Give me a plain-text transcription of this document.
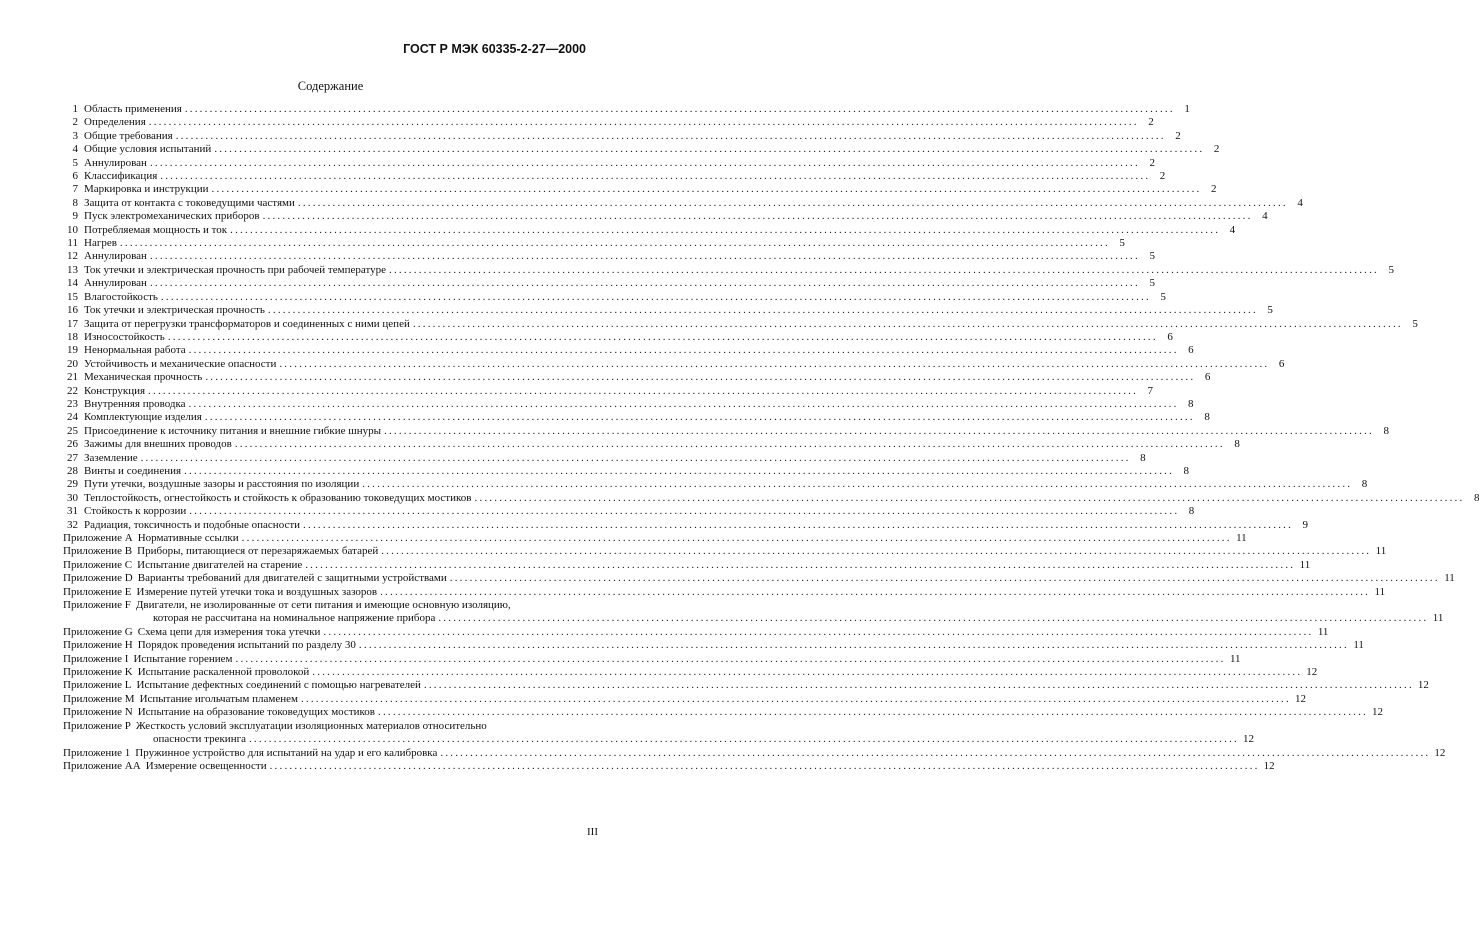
ГОСТ Р МЭК 60335-2-27—2000
Содержание
1 Область применения ........................................................................................................................................................................................................ 1
2 Определения ........................................................................................................................................................................................................ 2
3 Общие требования ........................................................................................................................................................................................................ 2
4 Общие условия испытаний ........................................................................................................................................................................................................ 2
5 Аннулирован ........................................................................................................................................................................................................ 2
6 Классификация ........................................................................................................................................................................................................ 2
7 Маркировка и инструкции ........................................................................................................................................................................................................ 2
8 Защита от контакта с токоведущими частями ........................................................................................................................................................................................................ 4
9 Пуск электромеханических приборов ........................................................................................................................................................................................................ 4
10 Потребляемая мощность и ток ........................................................................................................................................................................................................ 4
11 Нагрев ........................................................................................................................................................................................................ 5
12 Аннулирован ........................................................................................................................................................................................................ 5
13 Ток утечки и электрическая прочность при рабочей температуре ........................................................................................................................................................................................................ 5
14 Аннулирован ........................................................................................................................................................................................................ 5
15 Влагостойкость ........................................................................................................................................................................................................ 5
16 Ток утечки и электрическая прочность ........................................................................................................................................................................................................ 5
17 Защита от перегрузки трансформаторов и соединенных с ними цепей ........................................................................................................................................................................................................ 5
18 Износостойкость ........................................................................................................................................................................................................ 6
19 Ненормальная работа ........................................................................................................................................................................................................ 6
20 Устойчивость и механические опасности ........................................................................................................................................................................................................ 6
21 Механическая прочность ........................................................................................................................................................................................................ 6
22 Конструкция ........................................................................................................................................................................................................ 7
23 Внутренняя проводка ........................................................................................................................................................................................................ 8
24 Комплектующие изделия ........................................................................................................................................................................................................ 8
25 Присоединение к источнику питания и внешние гибкие шнуры ........................................................................................................................................................................................................ 8
26 Зажимы для внешних проводов ........................................................................................................................................................................................................ 8
27 Заземление ........................................................................................................................................................................................................ 8
28 Винты и соединения ........................................................................................................................................................................................................ 8
29 Пути утечки, воздушные зазоры и расстояния по изоляции ........................................................................................................................................................................................................ 8
30 Теплостойкость, огнестойкость и стойкость к образованию токоведущих мостиков ........................................................................................................................................................................................................ 8
31 Стойкость к коррозии ........................................................................................................................................................................................................ 8
32 Радиация, токсичность и подобные опасности ........................................................................................................................................................................................................ 9
Приложение A Нормативные ссылки ........................................................................................................................................................................................................ 11
Приложение B Приборы, питающиеся от перезаряжаемых батарей ........................................................................................................................................................................................................ 11
Приложение C Испытание двигателей на старение ........................................................................................................................................................................................................ 11
Приложение D Варианты требований для двигателей с защитными устройствами ........................................................................................................................................................................................................ 11
Приложение E Измерение путей утечки тока и воздушных зазоров ........................................................................................................................................................................................................ 11
Приложение F Двигатели, не изолированные от сети питания и имеющие основную изоляцию,
которая не рассчитана на номинальное напряжение прибора ........................................................................................................................................................................................................ 11
Приложение G Схема цепи для измерения тока утечки ........................................................................................................................................................................................................ 11
Приложение H Порядок проведения испытаний по разделу 30 ........................................................................................................................................................................................................ 11
Приложение I Испытание горением ........................................................................................................................................................................................................ 11
Приложение K Испытание раскаленной проволокой ........................................................................................................................................................................................................ 12
Приложение L Испытание дефектных соединений с помощью нагревателей ........................................................................................................................................................................................................ 12
Приложение M Испытание игольчатым пламенем ........................................................................................................................................................................................................ 12
Приложение N Испытание на образование токоведущих мостиков ........................................................................................................................................................................................................ 12
Приложение P Жесткость условий эксплуатации изоляционных материалов относительно
опасности трекинга ........................................................................................................................................................................................................ 12
Приложение 1 Пружинное устройство для испытаний на удар и его калибровка ........................................................................................................................................................................................................ 12
Приложение AA Измерение освещенности ........................................................................................................................................................................................................ 12
III
